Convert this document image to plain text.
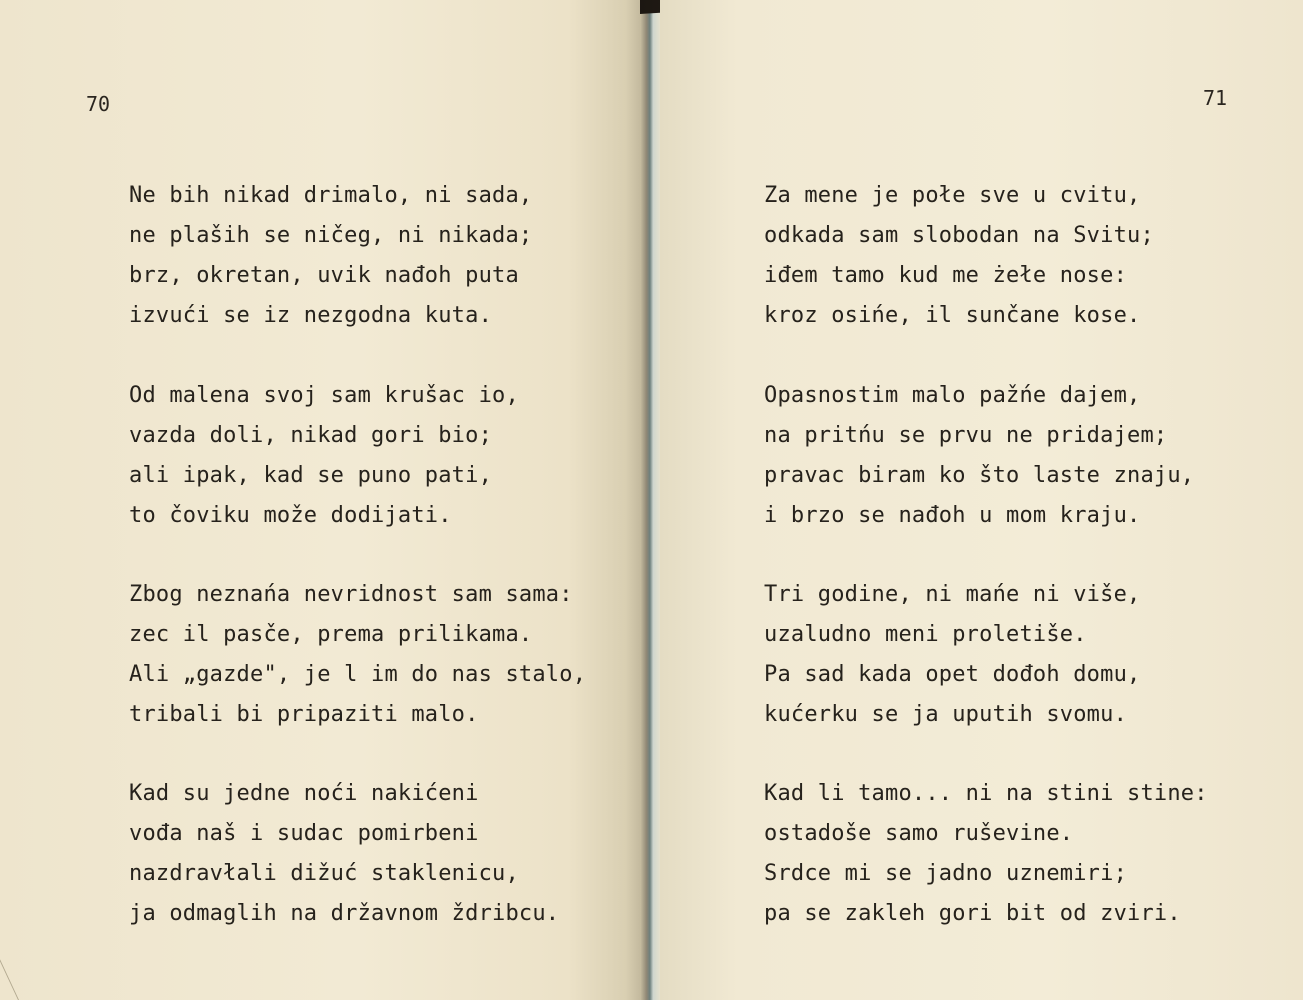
70
Ne bih nikad drimalo, ni sada,
ne plaših se ničeg, ni nikada;
brz, okretan, uvik nađoh puta
izvući se iz nezgodna kuta.
Od malena svoj sam krušac io,
vazda doli, nikad gori bio;
ali ipak, kad se puno pati,
to čoviku može dodijati.
Zbog neznańa nevridnost sam sama:
zec il pasče, prema prilikama.
Ali „gazde", je l im do nas stalo,
tribali bi pripaziti malo.
Kad su jedne noći nakićeni
vođa naš i sudac pomirbeni
nazdravłali dižuć staklenicu,
ja odmaglih na državnom ždribcu.
71
Za mene je połe sve u cvitu,
odkada sam slobodan na Svitu;
iđem tamo kud me żełe nose:
kroz osińe, il sunčane kose.
Opasnostim malo pažńe dajem,
na pritńu se prvu ne pridajem;
pravac biram ko što laste znaju,
i brzo se nađoh u mom kraju.
Tri godine, ni mańe ni više,
uzaludno meni proletiše.
Pa sad kada opet dođoh domu,
kućerku se ja uputih svomu.
Kad li tamo... ni na stini stine:
ostadoše samo ruševine.
Srdce mi se jadno uznemiri;
pa se zakleh gori bit od zviri.
